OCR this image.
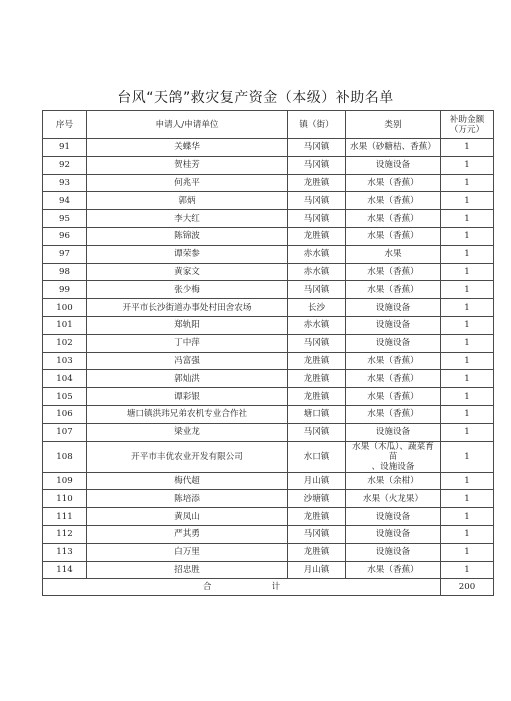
台风“天鸽”救灾复产资金（本级）补助名单
序号	申请人/申请单位	镇（街）	类别	补助金额
（万元）
91	关蝶华	马冈镇	水果（砂糖桔、香蕉）	1
92	贺桂芳	马冈镇	设施设备	1
93	何兆平	龙胜镇	水果（香蕉）	1
94	郭炳	马冈镇	水果（香蕉）	1
95	李大红	马冈镇	水果（香蕉）	1
96	陈锦波	龙胜镇	水果（香蕉）	1
97	谭荣参	赤水镇	水果	1
98	黄家文	赤水镇	水果（香蕉）	1
99	张少梅	马冈镇	水果（香蕉）	1
100	开平市长沙街道办事处村田舍农场	长沙	设施设备	1
101	郑轨阳	赤水镇	设施设备	1
102	丁中萍	马冈镇	设施设备	1
103	冯富强	龙胜镇	水果（香蕉）	1
104	郭灿洪	龙胜镇	水果（香蕉）	1
105	谭彩银	龙胜镇	水果（香蕉）	1
106	塘口镇洪玮兄弟农机专业合作社	塘口镇	水果（香蕉）	1
107	梁业龙	马冈镇	设施设备	1
108	开平市丰优农业开发有限公司	水口镇	水果（木瓜）、蔬菜育苗
、设施设备	1
109	梅代超	月山镇	水果（余柑）	1
110	陈培添	沙塘镇	水果（火龙果）	1
111	黄凤山	龙胜镇	设施设备	1
112	严其勇	马冈镇	设施设备	1
113	白万里	龙胜镇	设施设备	1
114	招忠胜	月山镇	水果（香蕉）	1
合 计				200
